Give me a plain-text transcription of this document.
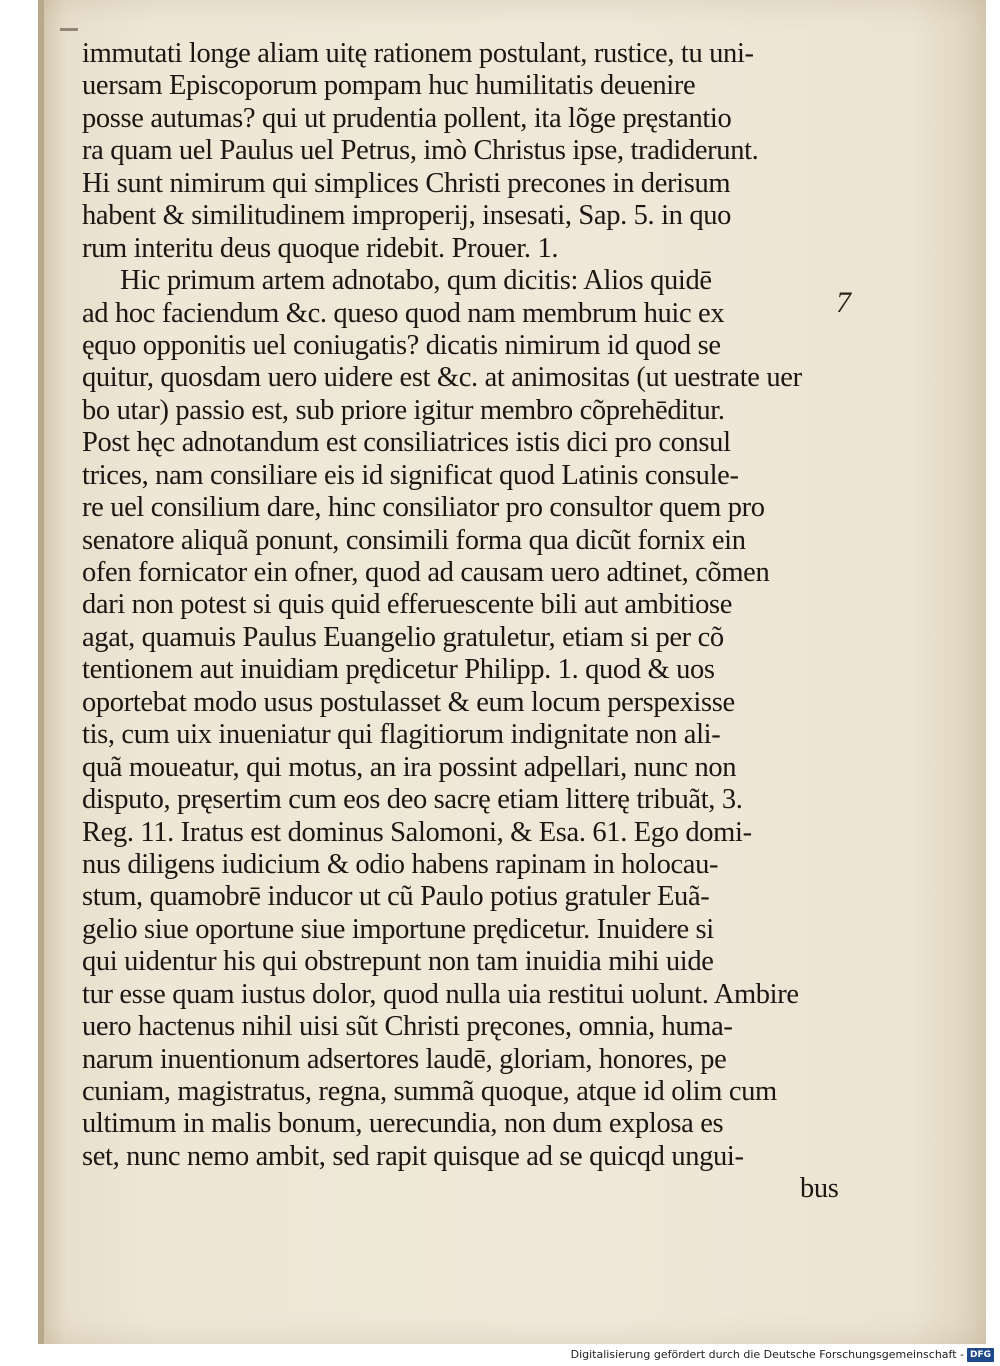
immutati longe aliam uitę rationem postulant, rustice, tu uni-
uersam Episcoporum pompam huc humilitatis deuenire
posse autumas? qui ut prudentia pollent, ita lõge pręstantio
ra quam uel Paulus uel Petrus, imò Christus ipse, tradiderunt.
Hi sunt nimirum qui simplices Christi precones in derisum
habent & similitudinem improperij, insesati, Sap. 5. in quo
rum interitu deus quoque ridebit. Prouer. 1.
Hic primum artem adnotabo, qum dicitis: Alios quidē
ad hoc faciendum &c. queso quod nam membrum huic ex
ęquo opponitis uel coniugatis? dicatis nimirum id quod se
quitur, quosdam uero uidere est &c. at animositas (ut uestrate uer
bo utar) passio est, sub priore igitur membro cõprehēditur.
Post hęc adnotandum est consiliatrices istis dici pro consul
trices, nam consiliare eis id significat quod Latinis consule-
re uel consilium dare, hinc consiliator pro consultor quem pro
senatore aliquã ponunt, consimili forma qua dicũt fornix ein
ofen fornicator ein ofner, quod ad causam uero adtinet, cõmen
dari non potest si quis quid efferuescente bili aut ambitiose
agat, quamuis Paulus Euangelio gratuletur, etiam si per cõ
tentionem aut inuidiam prędicetur Philipp. 1. quod & uos
oportebat modo usus postulasset & eum locum perspexisse
tis, cum uix inueniatur qui flagitiorum indignitate non ali-
quã moueatur, qui motus, an ira possint adpellari, nunc non
disputo, pręsertim cum eos deo sacrę etiam litterę tribuãt, 3.
Reg. 11. Iratus est dominus Salomoni, & Esa. 61. Ego domi-
nus diligens iudicium & odio habens rapinam in holocau-
stum, quamobrē inducor ut cũ Paulo potius gratuler Euã-
gelio siue oportune siue importune prędicetur. Inuidere si
qui uidentur his qui obstrepunt non tam inuidia mihi uide
tur esse quam iustus dolor, quod nulla uia restitui uolunt. Ambire
uero hactenus nihil uisi sũt Christi pręcones, omnia, huma-
narum inuentionum adsertores laudē, gloriam, honores, pe
cuniam, magistratus, regna, summã quoque, atque id olim cum
ultimum in malis bonum, uerecundia, non dum explosa es
set, nunc nemo ambit, sed rapit quisque ad se quicqd ungui-
bus
7
Digitalisierung gefördert durch die Deutsche Forschungsgemeinschaft - DFG
